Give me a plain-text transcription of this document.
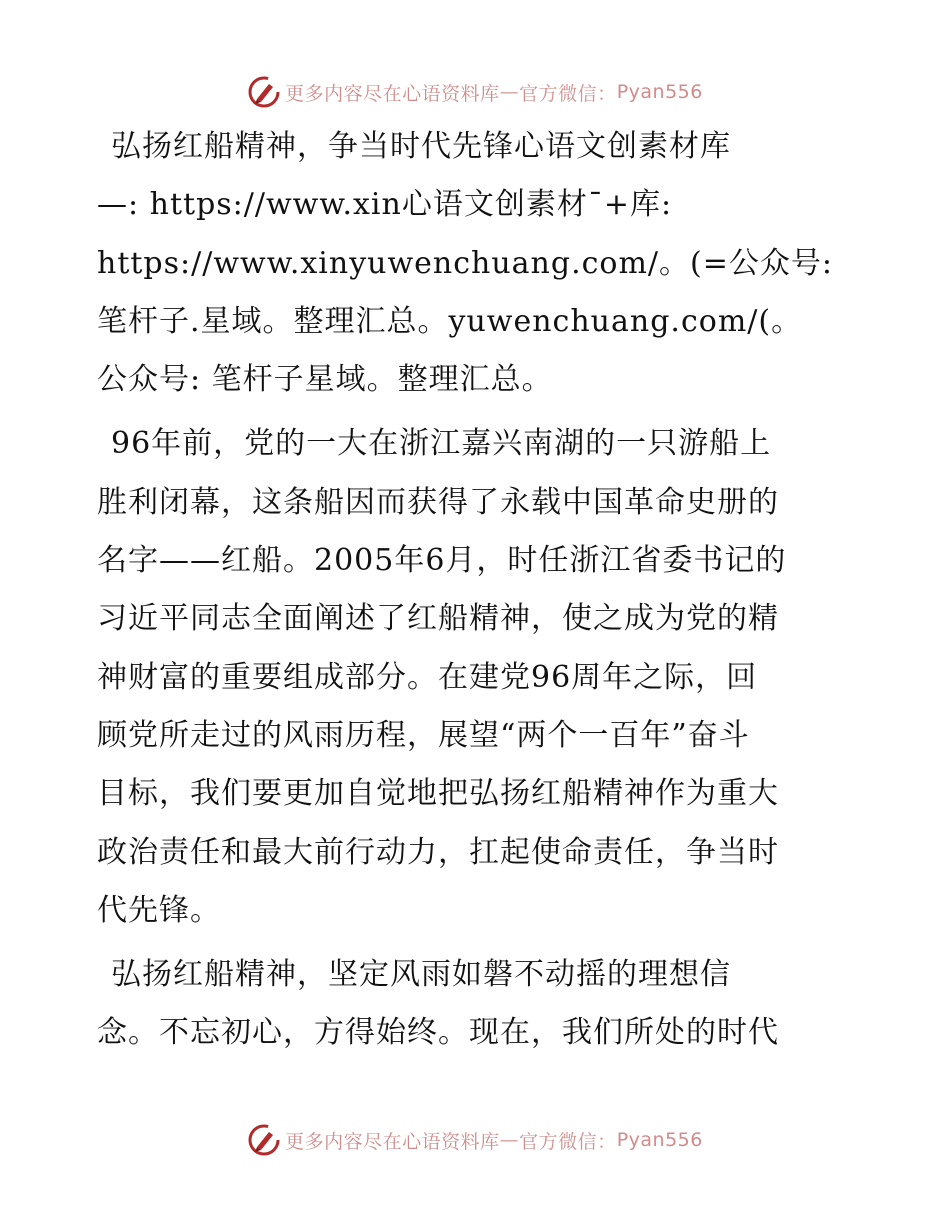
更多内容尽在心语资料库 — 官方微信： Pyan556
弘扬红船精神，争当时代先锋心语文创素材库
—: https://www.xin心语文创素材¯+库:
https://www.xinyuwenchuang.com/。(=公众号:
笔杆子.星域。整理汇总。yuwenchuang.com/(。
公众号: 笔杆子星域。整理汇总。
96年前，党的一大在浙江嘉兴南湖的一只游船上
胜利闭幕，这条船因而获得了永载中国革命史册的
名字——红船。2005年6月，时任浙江省委书记的
习近平同志全面阐述了红船精神，使之成为党的精
神财富的重要组成部分。在建党96周年之际，回
顾党所走过的风雨历程，展望“两个一百年”奋斗
目标，我们要更加自觉地把弘扬红船精神作为重大
政治责任和最大前行动力，扛起使命责任，争当时
代先锋。
弘扬红船精神，坚定风雨如磐不动摇的理想信
念。不忘初心，方得始终。现在，我们所处的时代
更多内容尽在心语资料库 — 官方微信： Pyan556
